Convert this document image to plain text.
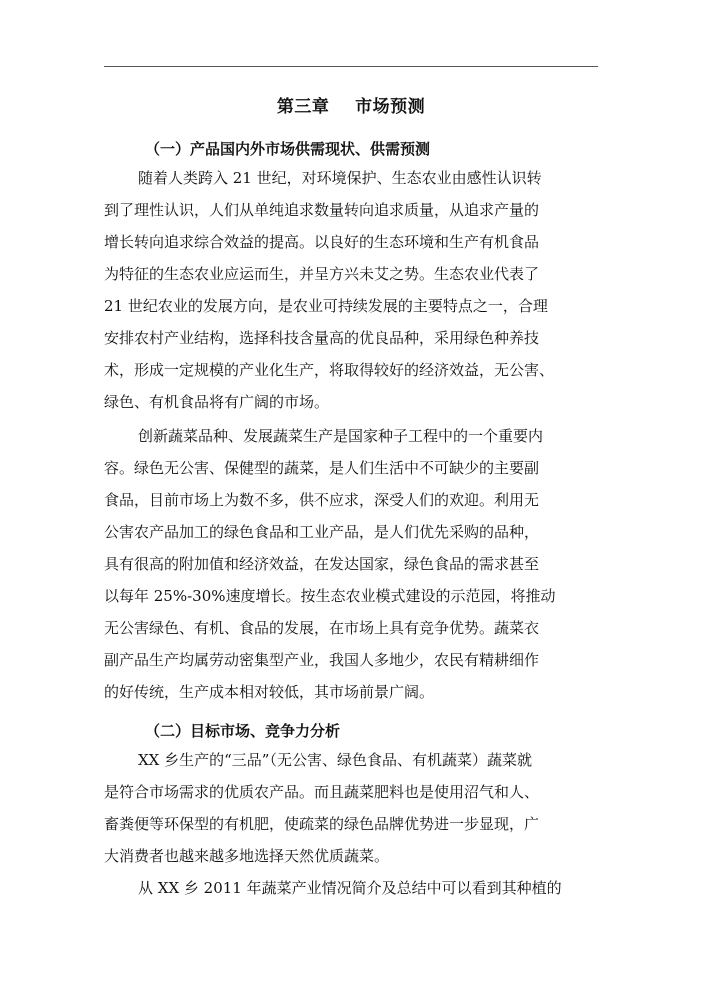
第三章    市场预测
（一）产品国内外市场供需现状、供需预测
随着人类跨入 21 世纪，对环境保护、生态农业由感性认识转
到了理性认识，人们从单纯追求数量转向追求质量，从追求产量的
增长转向追求综合效益的提高。以良好的生态环境和生产有机食品
为特征的生态农业应运而生，并呈方兴未艾之势。生态农业代表了
21 世纪农业的发展方向，是农业可持续发展的主要特点之一，合理
安排农村产业结构，选择科技含量高的优良品种，采用绿色种养技
术，形成一定规模的产业化生产，将取得较好的经济效益，无公害、
绿色、有机食品将有广阔的市场。
创新蔬菜品种、发展蔬菜生产是国家种子工程中的一个重要内
容。绿色无公害、保健型的蔬菜，是人们生活中不可缺少的主要副
食品，目前市场上为数不多，供不应求，深受人们的欢迎。利用无
公害农产品加工的绿色食品和工业产品，是人们优先采购的品种，
具有很高的附加值和经济效益，在发达国家，绿色食品的需求甚至
以每年 25%-30%速度增长。按生态农业模式建设的示范园，将推动
无公害绿色、有机、食品的发展，在市场上具有竞争优势。蔬菜衣
副产品生产均属劳动密集型产业，我国人多地少，农民有精耕细作
的好传统，生产成本相对较低，其市场前景广阔。
（二）目标市场、竞争力分析
XX 乡生产的“三品”（无公害、绿色食品、有机蔬菜）蔬菜就
是符合市场需求的优质农产品。而且蔬菜肥料也是使用沼气和人、
畜粪便等环保型的有机肥，使疏菜的绿色品牌优势进一步显现，广
大消费者也越来越多地选择天然优质蔬菜。
从 XX 乡 2011 年蔬菜产业情况简介及总结中可以看到其种植的
